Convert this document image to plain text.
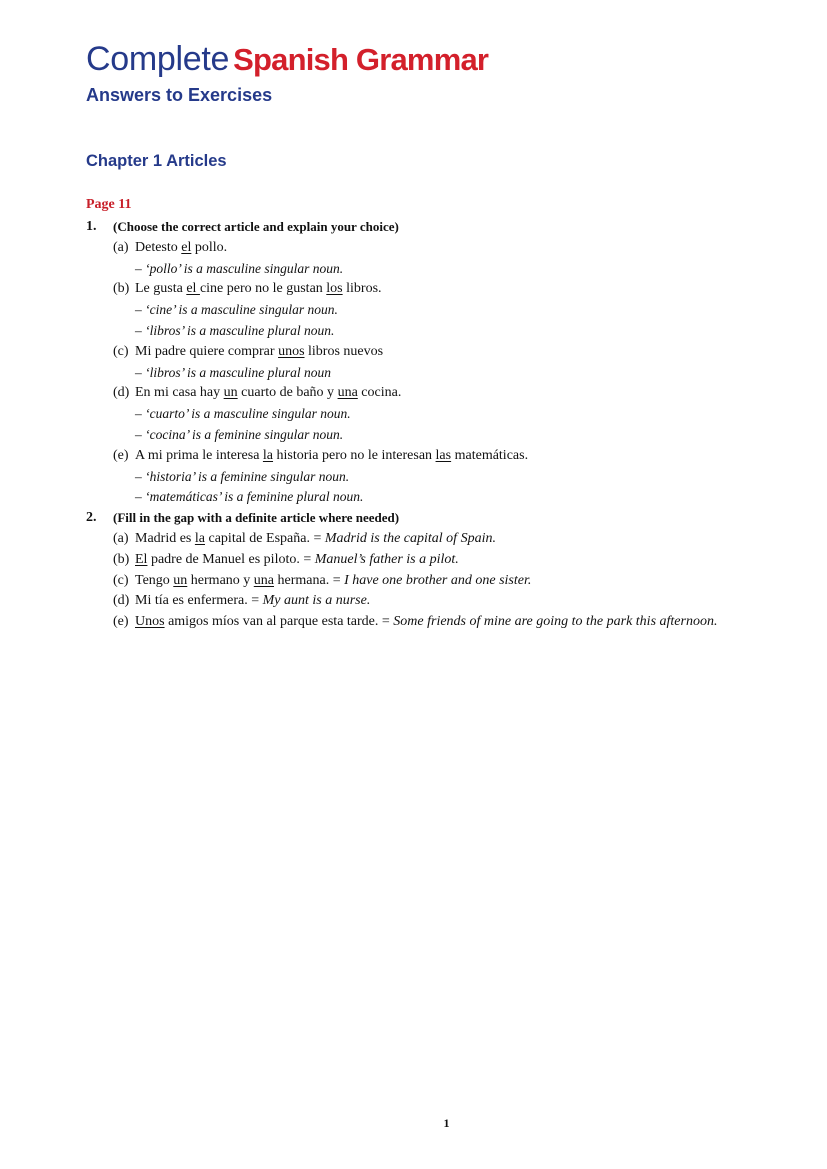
Complete Spanish Grammar
Answers to Exercises
Chapter 1 Articles
Page 11
1. (Choose the correct article and explain your choice)
(a) Detesto el pollo.
– ‘pollo’ is a masculine singular noun.
(b) Le gusta el cine pero no le gustan los libros.
– ‘cine’ is a masculine singular noun.
– ‘libros’ is a masculine plural noun.
(c) Mi padre quiere comprar unos libros nuevos
– ‘libros’ is a masculine plural noun
(d) En mi casa hay un cuarto de baño y una cocina.
– ‘cuarto’ is a masculine singular noun.
– ‘cocina’ is a feminine singular noun.
(e) A mi prima le interesa la historia pero no le interesan las matemáticas.
– ‘historia’ is a feminine singular noun.
– ‘matemáticas’ is a feminine plural noun.
2. (Fill in the gap with a definite article where needed)
(a) Madrid es la capital de España. = Madrid is the capital of Spain.
(b) El padre de Manuel es piloto. = Manuel’s father is a pilot.
(c) Tengo un hermano y una hermana. = I have one brother and one sister.
(d) Mi tía es enfermera. = My aunt is a nurse.
(e) Unos amigos míos van al parque esta tarde. = Some friends of mine are going to the park this afternoon.
1
